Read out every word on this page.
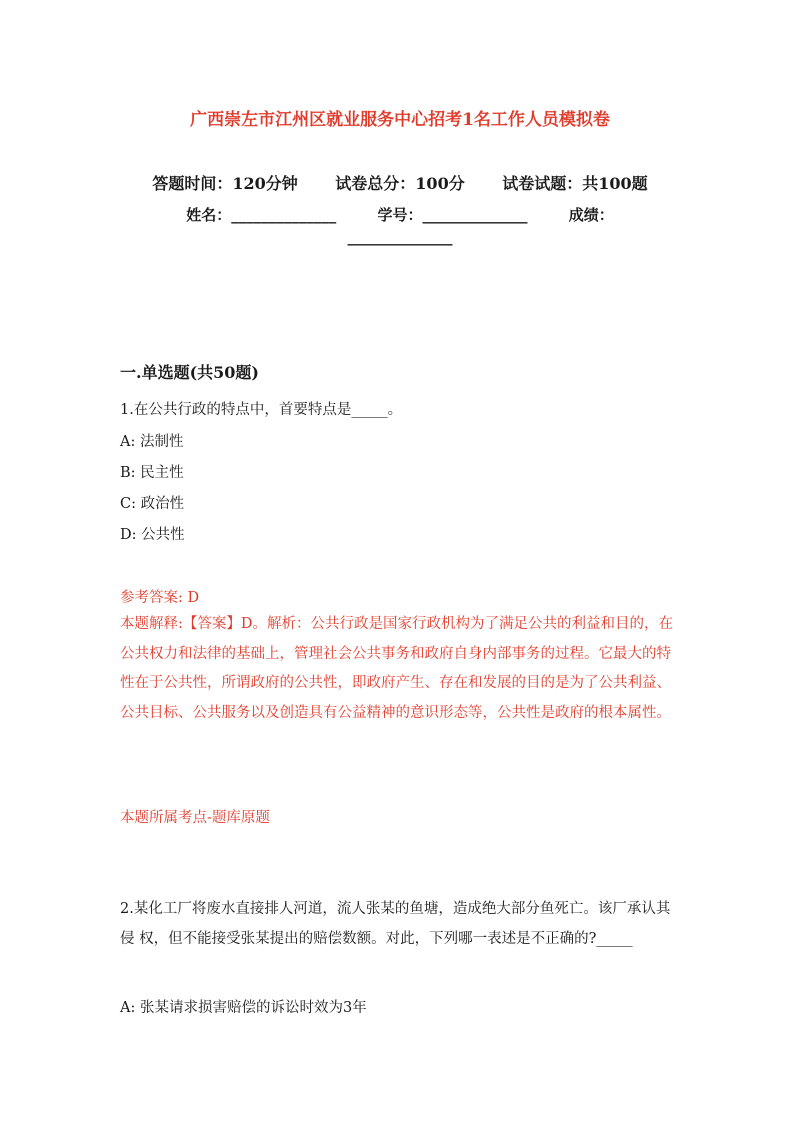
广西崇左市江州区就业服务中心招考1名工作人员模拟卷
答题时间：120分钟 试卷总分：100分 试卷试题：共100题
姓名：______________	学号：______________	成绩：
______________
一.单选题(共50题)
1.在公共行政的特点中，首要特点是_____。
A: 法制性
B: 民主性
C: 政治性
D: 公共性
参考答案: D
本题解释:【答案】D。解析：公共行政是国家行政机构为了满足公共的利益和目的，在公共权力和法律的基础上，管理社会公共事务和政府自身内部事务的过程。它最大的特性在于公共性，所谓政府的公共性，即政府产生、存在和发展的目的是为了公共利益、公共目标、公共服务以及创造具有公益精神的意识形态等，公共性是政府的根本属性。
本题所属考点-题库原题
2.某化工厂将废水直接排人河道，流人张某的鱼塘，造成绝大部分鱼死亡。该厂承认其侵 权，但不能接受张某提出的赔偿数额。对此，下列哪一表述是不正确的?_____
A: 张某请求损害赔偿的诉讼时效为3年
